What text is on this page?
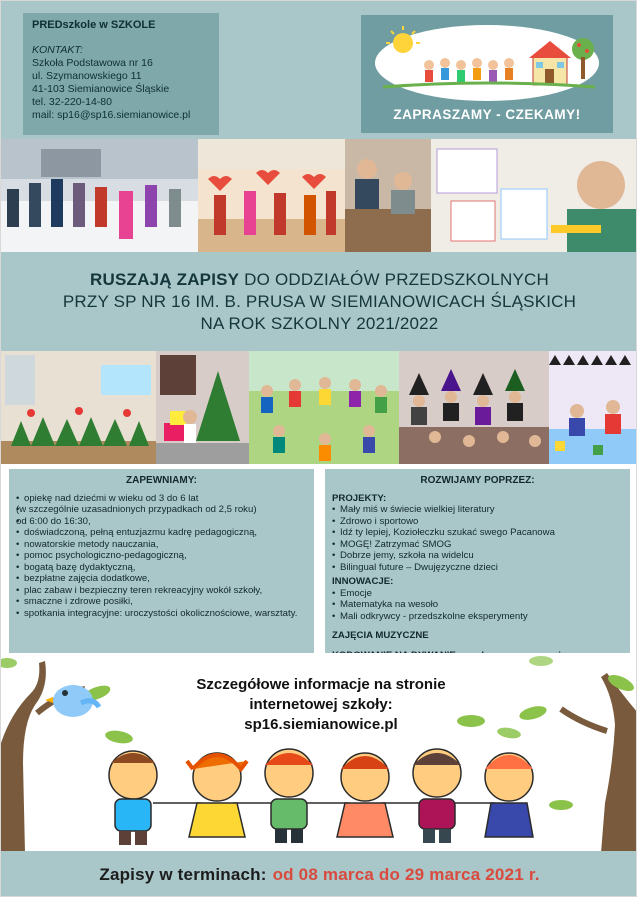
PREDszkole w SZKOLE
KONTAKT:
Szkoła Podstawowa nr 16
ul. Szymanowskiego 11
41-103 Siemianowice Śląskie
tel. 32-220-14-80
mail: sp16@sp16.siemianowice.pl	ZAPRASZAMY - CZEKAMY!
RUSZAJĄ ZAPISY DO ODDZIAŁÓW PRZEDSZKOLNYCH
PRZY SP NR 16 IM. B. PRUSA W SIEMIANOWICACH ŚLĄSKICH
NA ROK SZKOLNY 2021/2022
ZAPEWNIAMY:
• opiekę nad dziećmi w wieku od 3 do 6 lat
• (w szczególnie uzasadnionych przypadkach od 2,5 roku)
• od 6:00 do 16:30,
• doświadczoną, pełną entuzjazmu kadrę pedagogiczną,
• nowatorskie metody nauczania,
• pomoc psychologiczno-pedagogiczną,
• bogatą bazę dydaktyczną,
• bezpłatne zajęcia dodatkowe,
• plac zabaw i bezpieczny teren rekreacyjny wokół szkoły,
• smaczne i zdrowe posiłki,
• spotkania integracyjne: uroczystości okolicznościowe, warsztaty.
ROZWIJAMY POPRZEZ:
PROJEKTY:
• Mały miś w świecie wielkiej literatury
• Zdrowo i sportowo
• Idź ty lepiej, Koziołeczku szukać swego Pacanowa
• MOGĘ! Zatrzymać SMOG
• Dobrze jemy, szkoła na widelcu
• Bilingual future – Dwujęzyczne dzieci
INNOWACJE:
• Emocje
• Matematyka na wesoło
• Mali odkrywcy - przedszkolne eksperymenty
ZAJĘCIA MUZYCZNE
Szczegółowe informacje na stronie
internetowej szkoły:
sp16.siemianowice.pl
Zapisy w terminach: od 08 marca do 29 marca 2021 r.
